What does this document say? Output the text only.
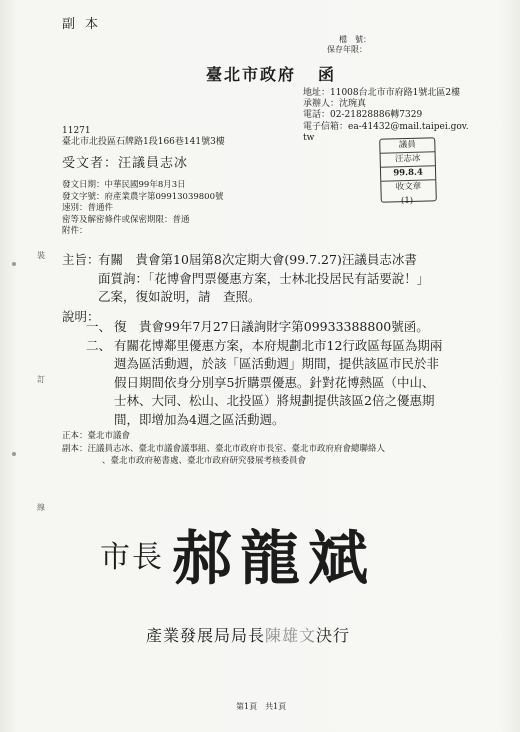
副本
檔　號：
保存年限：
臺北市政府 函
地址：11008台北市市府路1號北區2樓
承辦人：沈琬真
電話：02-21828886轉7329
電子信箱：ea-41432@mail.taipei.gov.
tw
議員
汪志冰
99.8.4
收文章
(1)
11271
臺北市北投區石牌路1段166巷141號3樓
受文者：汪議員志冰
發文日期：中華民國99年8月3日
發文字號：府產業農字第09913039800號
速別：普通件
密等及解密條件或保密期限：普通
附件：
裝
訂
線
主旨：有關　貴會第10屆第8次定期大會(99.7.27)汪議員志冰書
面質詢：「花博會門票優惠方案，士林北投居民有話要說！」
乙案，復如說明，請　查照。
說明：
一、 復　貴會99年7月27日議詢財字第09933388800號函。
二、 有關花博鄰里優惠方案，本府規劃北市12行政區每區為期兩
週為區活動週，於該「區活動週」期間，提供該區市民於非
假日期間依身分別享5折購票優惠。針對花博熱區（中山、
士林、大同、松山、北投區）將規劃提供該區2倍之優惠期
間，即增加為4週之區活動週。
正本：臺北市議會
副本：汪議員志冰、臺北市議會議事組、臺北市政府市長室、臺北市政府府會總聯絡人
、臺北市政府秘書處、臺北市政府研究發展考核委員會
市長 郝龍斌
產業發展局局長陳雄文決行
第1頁　共1頁
